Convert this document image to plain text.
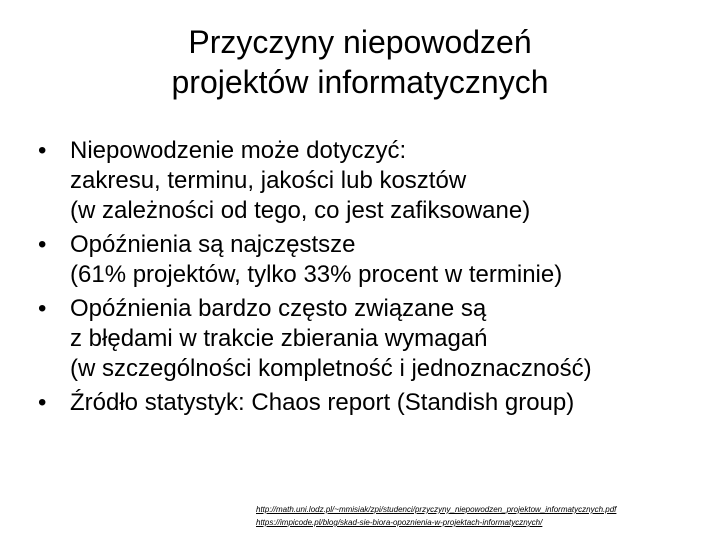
Przyczyny niepowodzeń
projektów informatycznych
• Niepowodzenie może dotyczyć:
zakresu, terminu, jakości lub kosztów
(w zależności od tego, co jest zafiksowane)
• Opóźnienia są najczęstsze
(61% projektów, tylko 33% procent w terminie)
• Opóźnienia bardzo często związane są
z błędami w trakcie zbierania wymagań
(w szczególności kompletność i jednoznaczność)
• Źródło statystyk: Chaos report (Standish group)
http://math.uni.lodz.pl/~mmisiak/zpi/studenci/przyczyny_niepowodzen_projektow_informatycznych.pdf
https://impicode.pl/blog/skad-sie-biora-opoznienia-w-projektach-informatycznych/
